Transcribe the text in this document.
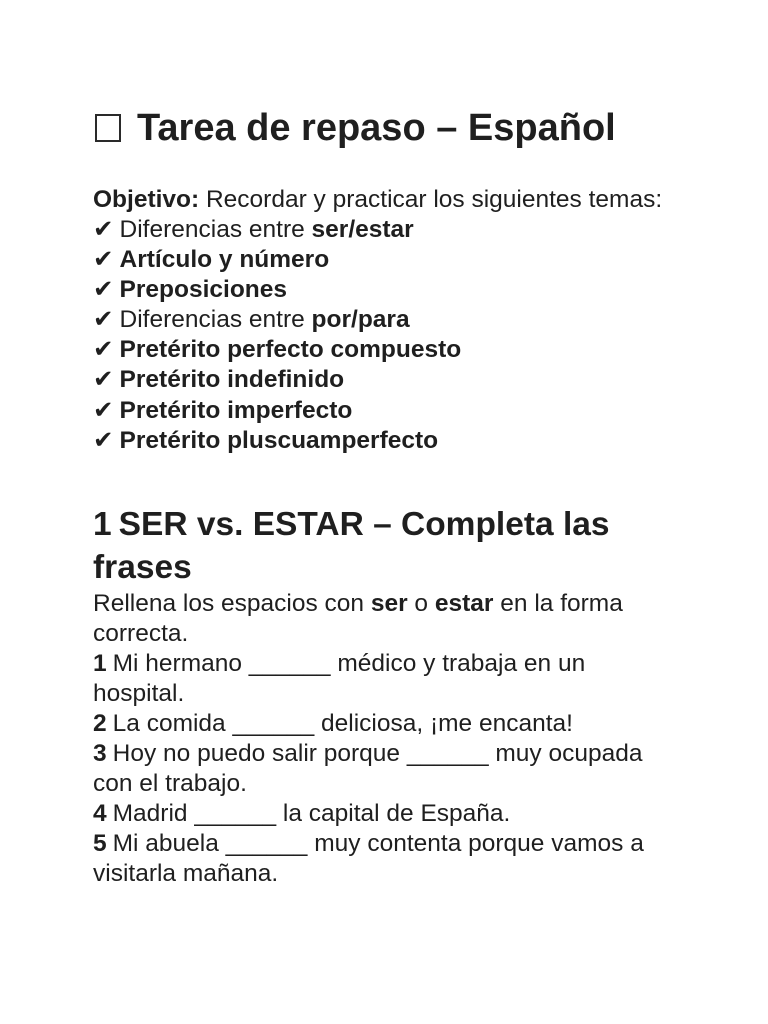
Tarea de repaso – Español
Objetivo: Recordar y practicar los siguientes temas:
✔ Diferencias entre ser/estar
✔ Artículo y número
✔ Preposiciones
✔ Diferencias entre por/para
✔ Pretérito perfecto compuesto
✔ Pretérito indefinido
✔ Pretérito imperfecto
✔ Pretérito pluscuamperfecto
1 SER vs. ESTAR – Completa las frases

Rellena los espacios con ser o estar en la forma correcta.

1 Mi hermano ______ médico y trabaja en un hospital.
2 La comida ______ deliciosa, ¡me encanta!
3 Hoy no puedo salir porque ______ muy ocupada con el trabajo.
4 Madrid ______ la capital de España.
5 Mi abuela ______ muy contenta porque vamos a visitarla mañana.
